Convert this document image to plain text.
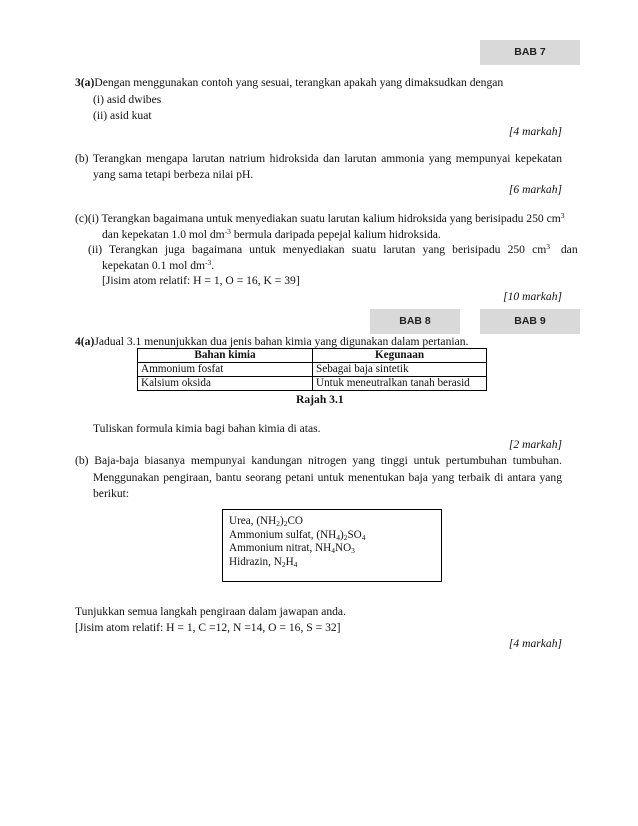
BAB 7
BAB 8	BAB 9
3(a)Dengan menggunakan contoh yang sesuai, terangkan apakah yang dimaksudkan dengan
(i) asid dwibes
(ii) asid kuat
[4 markah]
(b) Terangkan mengapa larutan natrium hidroksida dan larutan ammonia yang mempunyai kepekatan
yang sama tetapi berbeza nilai pH.
[6 markah]
(c)(i) Terangkan bagaimana untuk menyediakan suatu larutan kalium hidroksida yang berisipadu 250 $cm^3$
dan kepekatan 1.0 mol $dm^{-3}$ bermula daripada pepejal kalium hidroksida.
(ii) Terangkan juga bagaimana untuk menyediakan suatu larutan yang berisipadu 250 $cm^3$ dan
kepekatan 0.1 mol $dm^{-3}$.
[Jisim atom relatif: H = 1, O = 16, K = 39]
[10 markah]
4(a)Jadual 3.1 menunjukkan dua jenis bahan kimia yang digunakan dalam pertanian.
Bahan kimia	Kegunaan
Ammonium fosfat	Sebagai baja sintetik
Kalsium oksida	Untuk meneutralkan tanah berasid
Rajah 3.1
Tuliskan formula kimia bagi bahan kimia di atas.
[2 markah]
(b) Baja-baja biasanya mempunyai kandungan nitrogen yang tinggi untuk pertumbuhan tumbuhan.
Menggunakan pengiraan, bantu seorang petani untuk menentukan baja yang terbaik di antara yang
berikut:
Urea, $(NH_2)_2CO$
Ammonium sulfat, $(NH_4)_2SO_4$
Ammonium nitrat, $NH_4NO_3$
Hidrazin, $N_2H_4$
Tunjukkan semua langkah pengiraan dalam jawapan anda.
[Jisim atom relatif: H = 1, C =12, N =14, O = 16, S = 32]
[4 markah]
